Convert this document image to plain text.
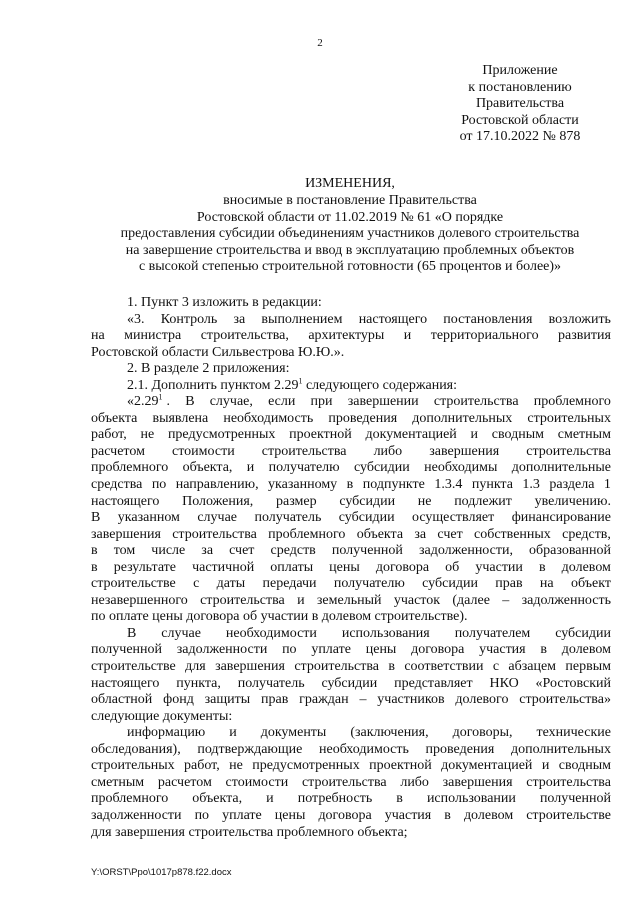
2
Приложение
к постановлению
Правительства
Ростовской области
от 17.10.2022 № 878
ИЗМЕНЕНИЯ,
вносимые в постановление Правительства
Ростовской области от 11.02.2019 № 61 «О порядке
предоставления субсидии объединениям участников долевого строительства
на завершение строительства и ввод в эксплуатацию проблемных объектов
с высокой степенью строительной готовности (65 процентов и более)»
1. Пункт 3 изложить в редакции:
«3. Контроль за выполнением настоящего постановления возложить
на министра строительства, архитектуры и территориального развития
Ростовской области Сильвестрова Ю.Ю.».
2. В разделе 2 приложения:
2.1. Дополнить пунктом 2.29$^1$ следующего содержания:
«2.29$^1$ . В случае, если при завершении строительства проблемного
объекта выявлена необходимость проведения дополнительных строительных
работ, не предусмотренных проектной документацией и сводным сметным
расчетом стоимости строительства либо завершения строительства
проблемного объекта, и получателю субсидии необходимы дополнительные
средства по направлению, указанному в подпункте 1.3.4 пункта 1.3 раздела 1
настоящего Положения, размер субсидии не подлежит увеличению.
В указанном случае получатель субсидии осуществляет финансирование
завершения строительства проблемного объекта за счет собственных средств,
в том числе за счет средств полученной задолженности, образованной
в результате частичной оплаты цены договора об участии в долевом
строительстве с даты передачи получателю субсидии прав на объект
незавершенного строительства и земельный участок (далее – задолженность
по оплате цены договора об участии в долевом строительстве).
В случае необходимости использования получателем субсидии
полученной задолженности по уплате цены договора участия в долевом
строительстве для завершения строительства в соответствии с абзацем первым
настоящего пункта, получатель субсидии представляет НКО «Ростовский
областной фонд защиты прав граждан – участников долевого строительства»
следующие документы:
информацию и документы (заключения, договоры, технические
обследования), подтверждающие необходимость проведения дополнительных
строительных работ, не предусмотренных проектной документацией и сводным
сметным расчетом стоимости строительства либо завершения строительства
проблемного объекта, и потребность в использовании полученной
задолженности по уплате цены договора участия в долевом строительстве
для завершения строительства проблемного объекта;
Y:\ORST\Ppo\1017p878.f22.docx
